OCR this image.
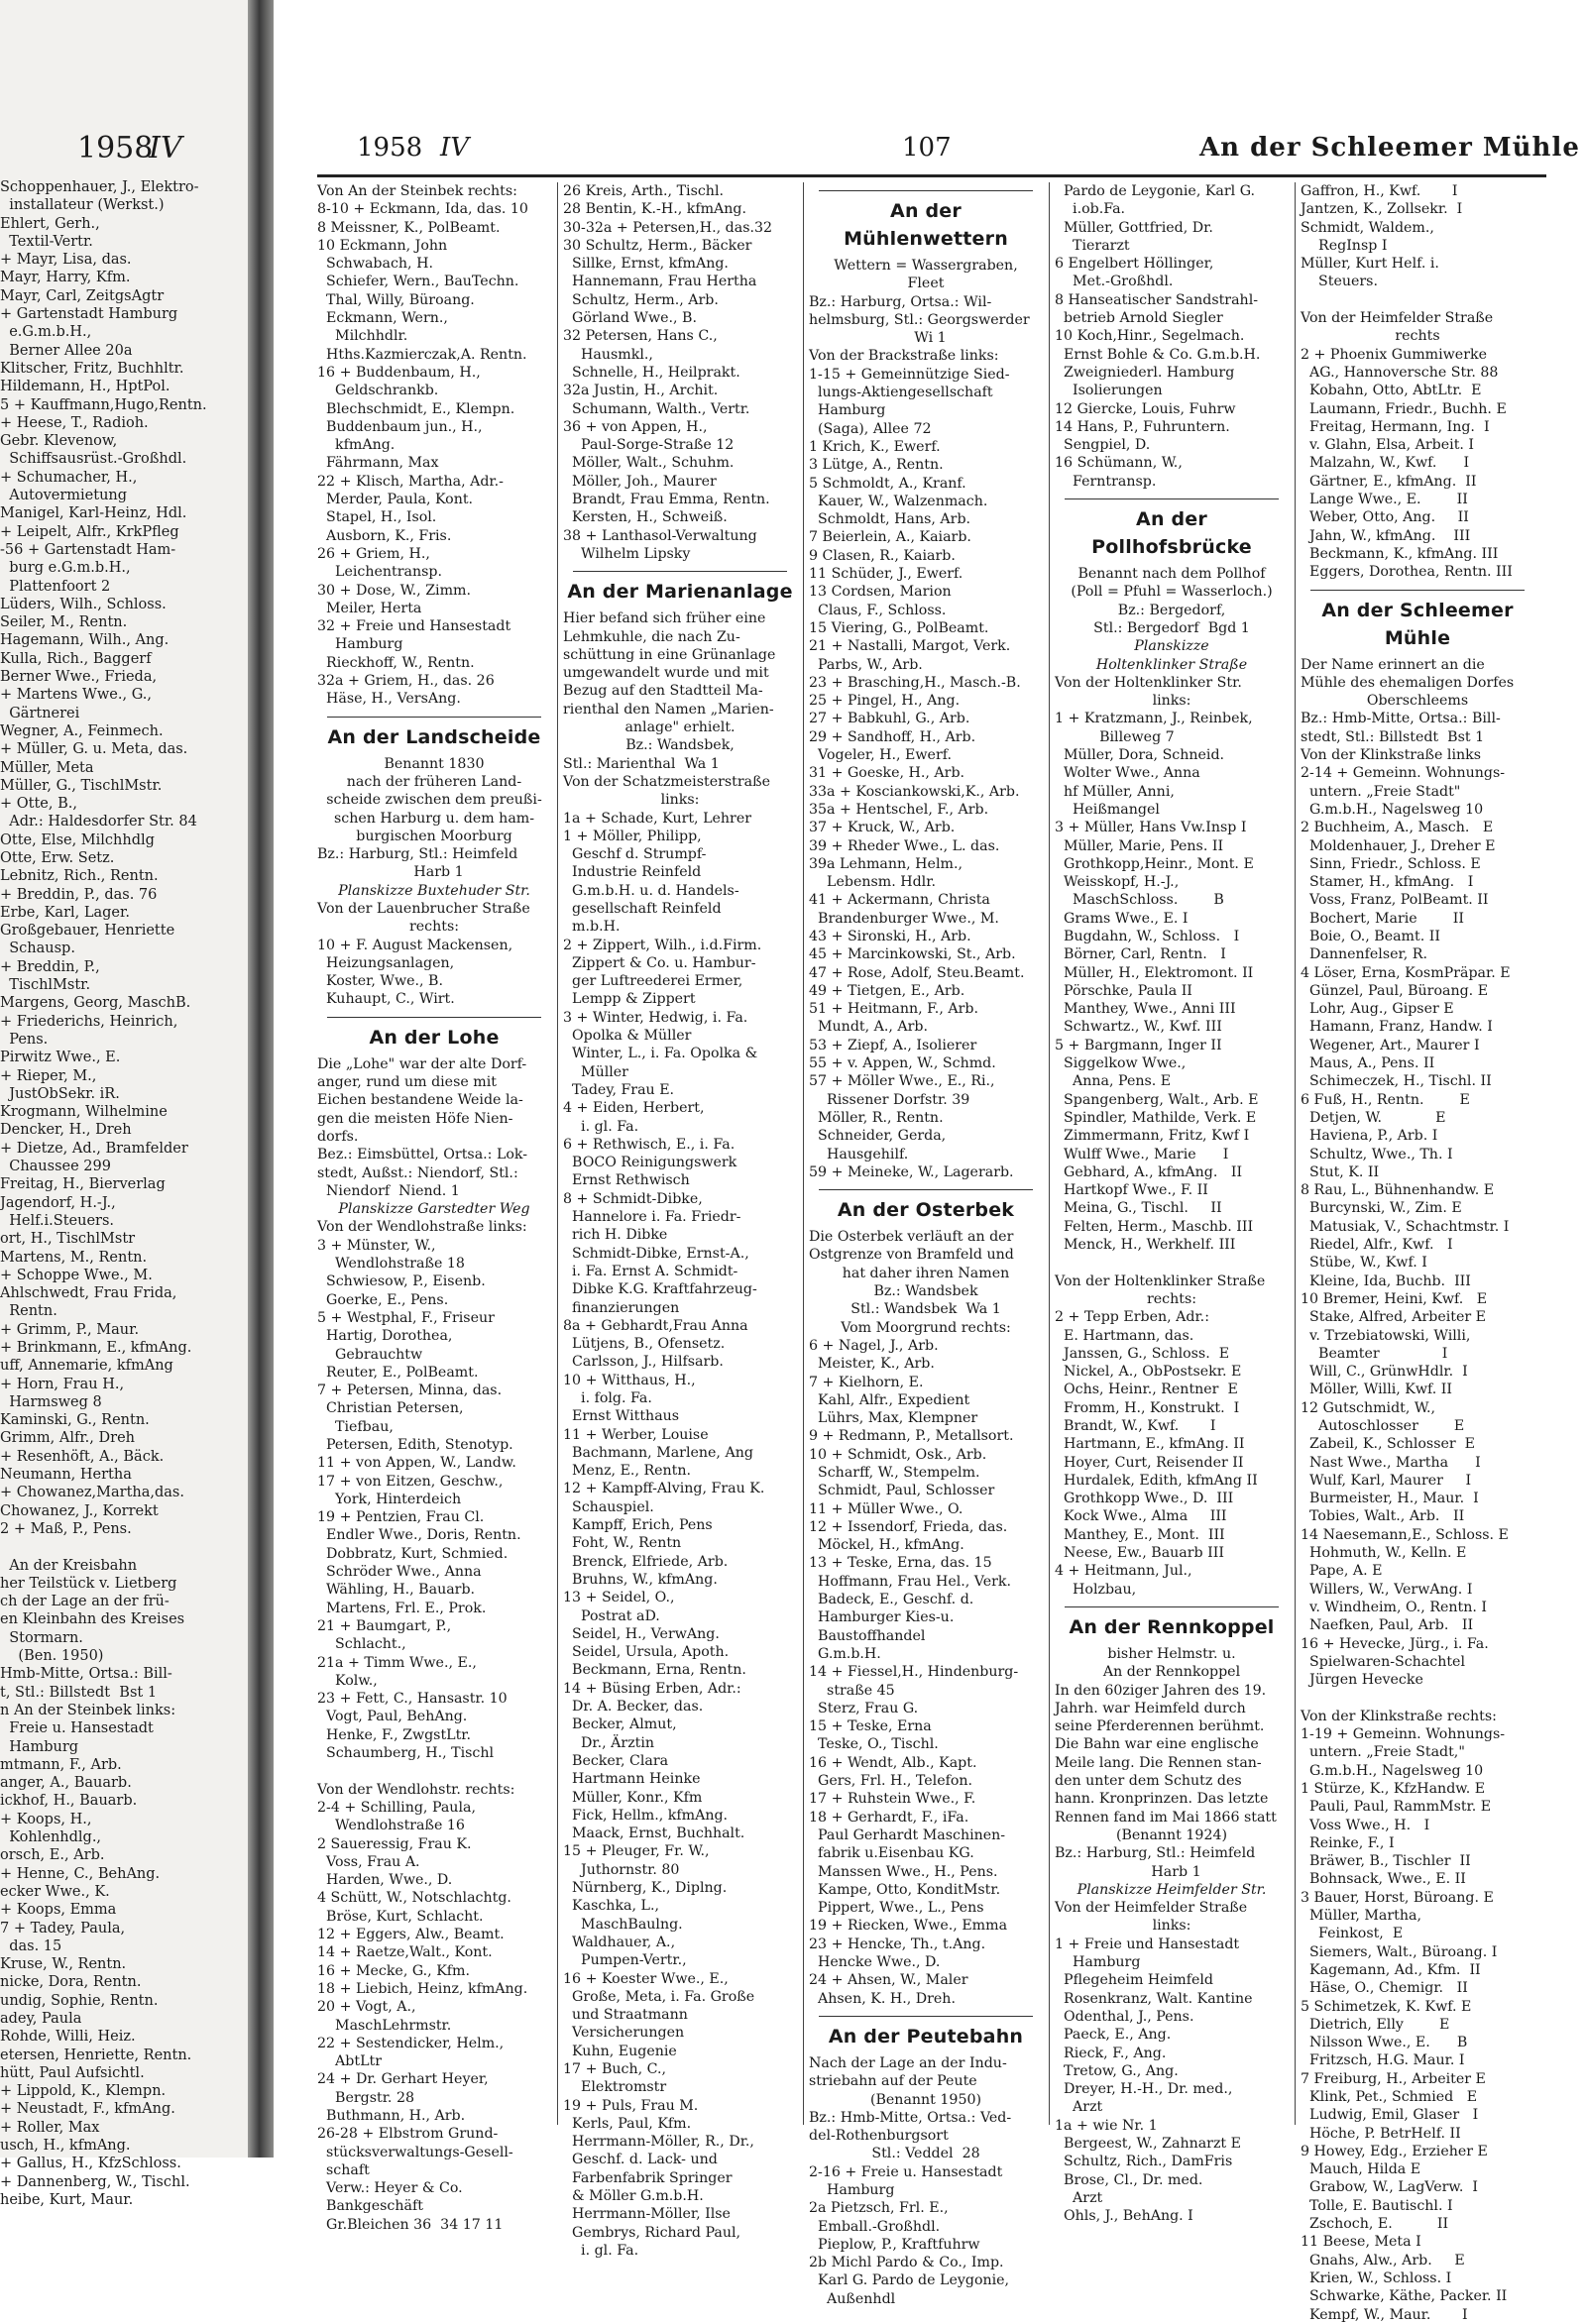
1958
IV
Schoppenhauer, J., Elektro-
installateur (Werkst.)
Ehlert, Gerh.,
Textil-Vertr.
+ Mayr, Lisa, das.
Mayr, Harry, Kfm.
Mayr, Carl, ZeitgsAgtr
+ Gartenstadt Hamburg
e.G.m.b.H.,
Berner Allee 20a
Klitscher, Fritz, Buchhltr.
Hildemann, H., HptPol.
5 + Kauffmann,Hugo,Rentn.
+ Heese, T., Radioh.
Gebr. Klevenow,
Schiffsausrüst.-Großhdl.
+ Schumacher, H.,
Autovermietung
Manigel, Karl-Heinz, Hdl.
+ Leipelt, Alfr., KrkPfleg
-56 + Gartenstadt Ham-
burg e.G.m.b.H.,
Plattenfoort 2
Lüders, Wilh., Schloss.
Seiler, M., Rentn.
Hagemann, Wilh., Ang.
Kulla, Rich., Baggerf
Berner Wwe., Frieda,
+ Martens Wwe., G.,
Gärtnerei
Wegner, A., Feinmech.
+ Müller, G. u. Meta, das.
Müller, Meta
Müller, G., TischlMstr.
+ Otte, B.,
Adr.: Haldesdorfer Str. 84
Otte, Else, Milchhdlg
Otte, Erw. Setz.
Lebnitz, Rich., Rentn.
+ Breddin, P., das. 76
Erbe, Karl, Lager.
Großgebauer, Henriette
Schausp.
+ Breddin, P.,
TischlMstr.
Margens, Georg, MaschB.
+ Friederichs, Heinrich,
Pens.
Pirwitz Wwe., E.
+ Rieper, M.,
JustObSekr. iR.
Krogmann, Wilhelmine
Dencker, H., Dreh
+ Dietze, Ad., Bramfelder
Chaussee 299
Freitag, H., Bierverlag
Jagendorf, H.-J.,
Helf.i.Steuers.
ort, H., TischlMstr
Martens, M., Rentn.
+ Schoppe Wwe., M.
Ahlschwedt, Frau Frida,
Rentn.
+ Grimm, P., Maur.
+ Brinkmann, E., kfmAng.
uff, Annemarie, kfmAng
+ Horn, Frau H.,
Harmsweg 8
Kaminski, G., Rentn.
Grimm, Alfr., Dreh
+ Resenhöft, A., Bäck.
Neumann, Hertha
+ Chowanez,Martha,das.
Chowanez, J., Korrekt
2 + Maß, P., Pens.

An der Kreisbahn
her Teilstück v. Lietberg
ch der Lage an der frü-
en Kleinbahn des Kreises
Stormarn.
(Ben. 1950)
Hmb-Mitte, Ortsa.: Bill-
t, Stl.: Billstedt  Bst 1
n An der Steinbek links:
Freie u. Hansestadt
Hamburg
mtmann, F., Arb.
anger, A., Bauarb.
ickhof, H., Bauarb.
+ Koops, H.,
Kohlenhdlg.,
orsch, E., Arb.
+ Henne, C., BehAng.
ecker Wwe., K.
+ Koops, Emma
7 + Tadey, Paula,
das. 15
Kruse, W., Rentn.
nicke, Dora, Rentn.
undig, Sophie, Rentn.
adey, Paula
Rohde, Willi, Heiz.
etersen, Henriette, Rentn.
hütt, Paul Aufsichtl.
+ Lippold, K., Klempn.
+ Neustadt, F., kfmAng.
+ Roller, Max
usch, H., kfmAng.
+ Gallus, H., KfzSchloss.
+ Dannenberg, W., Tischl.
heibe, Kurt, Maur.
1958 IV	107	An der Schleemer Mühle
Von An der Steinbek rechts:
8-10 + Eckmann, Ida, das. 10
8 Meissner, K., PolBeamt.
10 Eckmann, John
Schwabach, H.
Schiefer, Wern., BauTechn.
Thal, Willy, Büroang.
Eckmann, Wern.,
Milchhdlr.
Hths.Kazmierczak,A. Rentn.
16 + Buddenbaum, H.,
Geldschrankb.
Blechschmidt, E., Klempn.
Buddenbaum jun., H.,
kfmAng.
Fährmann, Max
22 + Klisch, Martha, Adr.-
Merder, Paula, Kont.
Stapel, H., Isol.
Ausborn, K., Fris.
26 + Griem, H.,
Leichentransp.
30 + Dose, W., Zimm.
Meiler, Herta
32 + Freie und Hansestadt
Hamburg
Rieckhoff, W., Rentn.
32a + Griem, H., das. 26
Häse, H., VersAng.
An der Landscheide
Benannt 1830
nach der früheren Land-
scheide zwischen dem preußi-
schen Harburg u. dem ham-
burgischen Moorburg
Bz.: Harburg, Stl.: Heimfeld
Harb 1
Planskizze Buxtehuder Str.
Von der Lauenbrucher Straße
rechts:
10 + F. August Mackensen,
Heizungsanlagen,
Koster, Wwe., B.
Kuhaupt, C., Wirt.
An der Lohe
Die „Lohe" war der alte Dorf-
anger, rund um diese mit
Eichen bestandene Weide la-
gen die meisten Höfe Nien-
dorfs.
Bez.: Eimsbüttel, Ortsa.: Lok-
stedt, Außst.: Niendorf, Stl.:
Niendorf  Niend. 1
Planskizze Garstedter Weg
Von der Wendlohstraße links:
3 + Münster, W.,
Wendlohstraße 18
Schwiesow, P., Eisenb.
Goerke, E., Pens.
5 + Westphal, F., Friseur
Hartig, Dorothea,
Gebrauchtw
Reuter, E., PolBeamt.
7 + Petersen, Minna, das.
Christian Petersen,
Tiefbau,
Petersen, Edith, Stenotyp.
11 + von Appen, W., Landw.
17 + von Eitzen, Geschw.,
York, Hinterdeich
19 + Pentzien, Frau Cl.
Endler Wwe., Doris, Rentn.
Dobbratz, Kurt, Schmied.
Schröder Wwe., Anna
Wähling, H., Bauarb.
Martens, Frl. E., Prok.
21 + Baumgart, P.,
Schlacht.,
21a + Timm Wwe., E.,
Kolw.,
23 + Fett, C., Hansastr. 10
Vogt, Paul, BehAng.
Henke, F., ZwgstLtr.
Schaumberg, H., Tischl

Von der Wendlohstr. rechts:
2-4 + Schilling, Paula,
Wendlohstraße 16
2 Saueressig, Frau K.
Voss, Frau A.
Harden, Wwe., D.
4 Schütt, W., Notschlachtg.
Bröse, Kurt, Schlacht.
12 + Eggers, Alw., Beamt.
14 + Raetze,Walt., Kont.
16 + Mecke, G., Kfm.
18 + Liebich, Heinz, kfmAng.
20 + Vogt, A.,
MaschLehrmstr.
22 + Sestendicker, Helm.,
AbtLtr
24 + Dr. Gerhart Heyer,
Bergstr. 28
Buthmann, H., Arb.
26-28 + Elbstrom Grund-
stücksverwaltungs-Gesell-
schaft
Verw.: Heyer & Co.
Bankgeschäft
Gr.Bleichen 36  34 17 11
26 Kreis, Arth., Tischl.
28 Bentin, K.-H., kfmAng.
30-32a + Petersen,H., das.32
30 Schultz, Herm., Bäcker
Sillke, Ernst, kfmAng.
Hannemann, Frau Hertha
Schultz, Herm., Arb.
Görland Wwe., B.
32 Petersen, Hans C.,
Hausmkl.,
Schnelle, H., Heilprakt.
32a Justin, H., Archit.
Schumann, Walth., Vertr.
36 + von Appen, H.,
Paul-Sorge-Straße 12
Möller, Walt., Schuhm.
Möller, Joh., Maurer
Brandt, Frau Emma, Rentn.
Kersten, H., Schweiß.
38 + Lanthasol-Verwaltung
Wilhelm Lipsky
An der Marienanlage
Hier befand sich früher eine
Lehmkuhle, die nach Zu-
schüttung in eine Grünanlage
umgewandelt wurde und mit
Bezug auf den Stadtteil Ma-
rienthal den Namen „Marien-
anlage" erhielt.
Bz.: Wandsbek,
Stl.: Marienthal  Wa 1
Von der Schatzmeisterstraße
links:
1a + Schade, Kurt, Lehrer
1 + Möller, Philipp,
Geschf d. Strumpf-
Industrie Reinfeld
G.m.b.H. u. d. Handels-
gesellschaft Reinfeld
m.b.H.
2 + Zippert, Wilh., i.d.Firm.
Zippert & Co. u. Hambur-
ger Luftreederei Ermer,
Lempp & Zippert
3 + Winter, Hedwig, i. Fa.
Opolka & Müller
Winter, L., i. Fa. Opolka &
Müller
Tadey, Frau E.
4 + Eiden, Herbert,
i. gl. Fa.
6 + Rethwisch, E., i. Fa.
BOCO Reinigungswerk
Ernst Rethwisch
8 + Schmidt-Dibke,
Hannelore i. Fa. Friedr-
rich H. Dibke
Schmidt-Dibke, Ernst-A.,
i. Fa. Ernst A. Schmidt-
Dibke K.G. Kraftfahrzeug-
finanzierungen
8a + Gebhardt,Frau Anna
Lütjens, B., Ofensetz.
Carlsson, J., Hilfsarb.
10 + Witthaus, H.,
i. folg. Fa.
Ernst Witthaus
11 + Werber, Louise
Bachmann, Marlene, Ang
Menz, E., Rentn.
12 + Kampff-Alving, Frau K.
Schauspiel.
Kampff, Erich, Pens
Foht, W., Rentn
Brenck, Elfriede, Arb.
Bruhns, W., kfmAng.
13 + Seidel, O.,
Postrat aD.
Seidel, H., VerwAng.
Seidel, Ursula, Apoth.
Beckmann, Erna, Rentn.
14 + Büsing Erben, Adr.:
Dr. A. Becker, das.
Becker, Almut,
Dr., Ärztin
Becker, Clara
Hartmann Heinke
Müller, Konr., Kfm
Fick, Hellm., kfmAng.
Maack, Ernst, Buchhalt.
15 + Pleuger, Fr. W.,
Juthornstr. 80
Nürnberg, K., Diplng.
Kaschka, L.,
MaschBaulng.
Waldhauer, A.,
Pumpen-Vertr.,
16 + Koester Wwe., E.,
Große, Meta, i. Fa. Große
und Straatmann
Versicherungen
Kuhn, Eugenie
17 + Buch, C.,
Elektromstr
19 + Puls, Frau M.
Kerls, Paul, Kfm.
Herrmann-Möller, R., Dr.,
Geschf. d. Lack- und
Farbenfabrik Springer
& Möller G.m.b.H.
Herrmann-Möller, Ilse
Gembrys, Richard Paul,
i. gl. Fa.
An der Mühlenwettern
Wettern = Wassergraben,
Fleet
Bz.: Harburg, Ortsa.: Wil-
helmsburg, Stl.: Georgswerder
Wi 1
Von der Brackstraße links:
1-15 + Gemeinnützige Sied-
lungs-Aktiengesellschaft
Hamburg
(Saga), Allee 72
1 Krich, K., Ewerf.
3 Lütge, A., Rentn.
5 Schmoldt, A., Kranf.
Kauer, W., Walzenmach.
Schmoldt, Hans, Arb.
7 Beierlein, A., Kaiarb.
9 Clasen, R., Kaiarb.
11 Schüder, J., Ewerf.
13 Cordsen, Marion
Claus, F., Schloss.
15 Viering, G., PolBeamt.
21 + Nastalli, Margot, Verk.
Parbs, W., Arb.
23 + Brasching,H., Masch.-B.
25 + Pingel, H., Ang.
27 + Babkuhl, G., Arb.
29 + Sandhoff, H., Arb.
Vogeler, H., Ewerf.
31 + Goeske, H., Arb.
33a + Kosciankowski,K., Arb.
35a + Hentschel, F., Arb.
37 + Kruck, W., Arb.
39 + Rheder Wwe., L. das.
39a Lehmann, Helm.,
Lebensm. Hdlr.
41 + Ackermann, Christa
Brandenburger Wwe., M.
43 + Sironski, H., Arb.
45 + Marcinkowski, St., Arb.
47 + Rose, Adolf, Steu.Beamt.
49 + Tietgen, E., Arb.
51 + Heitmann, F., Arb.
Mundt, A., Arb.
53 + Ziepf, A., Isolierer
55 + v. Appen, W., Schmd.
57 + Möller Wwe., E., Ri.,
Rissener Dorfstr. 39
Möller, R., Rentn.
Schneider, Gerda,
Hausgehilf.
59 + Meineke, W., Lagerarb.
An der Osterbek
Die Osterbek verläuft an der
Ostgrenze von Bramfeld und
hat daher ihren Namen
Bz.: Wandsbek
Stl.: Wandsbek  Wa 1
Vom Moorgrund rechts:
6 + Nagel, J., Arb.
Meister, K., Arb.
7 + Kielhorn, E.
Kahl, Alfr., Expedient
Lührs, Max, Klempner
9 + Redmann, P., Metallsort.
10 + Schmidt, Osk., Arb.
Scharff, W., Stempelm.
Schmidt, Paul, Schlosser
11 + Müller Wwe., O.
12 + Issendorf, Frieda, das.
Möckel, H., kfmAng.
13 + Teske, Erna, das. 15
Hoffmann, Frau Hel., Verk.
Badeck, E., Geschf. d.
Hamburger Kies-u.
Baustoffhandel
G.m.b.H.
14 + Fiessel,H., Hindenburg-
straße 45
Sterz, Frau G.
15 + Teske, Erna
Teske, O., Tischl.
16 + Wendt, Alb., Kapt.
Gers, Frl. H., Telefon.
17 + Ruhstein Wwe., F.
18 + Gerhardt, F., iFa.
Paul Gerhardt Maschinen-
fabrik u.Eisenbau KG.
Manssen Wwe., H., Pens.
Kampe, Otto, KonditMstr.
Pippert, Wwe., L., Pens
19 + Riecken, Wwe., Emma
23 + Hencke, Th., t.Ang.
Hencke Wwe., D.
24 + Ahsen, W., Maler
Ahsen, K. H., Dreh.
An der Peutebahn
Nach der Lage an der Indu-
striebahn auf der Peute
(Benannt 1950)
Bz.: Hmb-Mitte, Ortsa.: Ved-
del-Rothenburgsort
Stl.: Veddel  28
2-16 + Freie u. Hansestadt
Hamburg
2a Pietzsch, Frl. E.,
Emball.-Großhdl.
Pieplow, P., Kraftfuhrw
2b Michl Pardo & Co., Imp.
Karl G. Pardo de Leygonie,
Außenhdl
Pardo de Leygonie, Karl G.
i.ob.Fa.
Müller, Gottfried, Dr.
Tierarzt
6 Engelbert Höllinger,
Met.-Großhdl.
8 Hanseatischer Sandstrahl-
betrieb Arnold Siegler
10 Koch,Hinr., Segelmach.
Ernst Bohle & Co. G.m.b.H.
Zweigniederl. Hamburg
Isolierungen
12 Giercke, Louis, Fuhrw
14 Hans, P., Fuhruntern.
Sengpiel, D.
16 Schümann, W.,
Ferntransp.
An der Pollhofsbrücke
Benannt nach dem Pollhof
(Poll = Pfuhl = Wasserloch.)
Bz.: Bergedorf,
Stl.: Bergedorf  Bgd 1
Planskizze
Holtenklinker Straße
Von der Holtenklinker Str.
links:
1 + Kratzmann, J., Reinbek,
Billeweg 7
Müller, Dora, Schneid.
Wolter Wwe., Anna
hf Müller, Anni,
Heißmangel
3 + Müller, Hans Vw.Insp I
Müller, Marie, Pens. II
Grothkopp,Heinr., Mont. E
Weisskopf, H.-J.,
MaschSchloss.        B
Grams Wwe., E. I
Bugdahn, W., Schloss.   I
Börner, Carl, Rentn.   I
Müller, H., Elektromont. II
Pörschke, Paula II
Manthey, Wwe., Anni III
Schwartz., W., Kwf. III
5 + Bargmann, Inger II
Siggelkow Wwe.,
Anna, Pens. E
Spangenberg, Walt., Arb. E
Spindler, Mathilde, Verk. E
Zimmermann, Fritz, Kwf I
Wulff Wwe., Marie      I
Gebhard, A., kfmAng.   II
Hartkopf Wwe., F. II
Meina, G., Tischl.     II
Felten, Herm., Maschb. III
Menck, H., Werkhelf. III

Von der Holtenklinker Straße
rechts:
2 + Tepp Erben, Adr.:
E. Hartmann, das.
Janssen, G., Schloss.  E
Nickel, A., ObPostsekr. E
Ochs, Heinr., Rentner  E
Fromm, H., Konstrukt.  I
Brandt, W., Kwf.       I
Hartmann, E., kfmAng. II
Hoyer, Curt, Reisender II
Hurdalek, Edith, kfmAng II
Grothkopp Wwe., D.  III
Kock Wwe., Alma     III
Manthey, E., Mont.  III
Neese, Ew., Bauarb III
4 + Heitmann, Jul.,
Holzbau,
An der Rennkoppel
bisher Helmstr. u.
An der Rennkoppel
In den 60ziger Jahren des 19.
Jahrh. war Heimfeld durch
seine Pferderennen berühmt.
Die Bahn war eine englische
Meile lang. Die Rennen stan-
den unter dem Schutz des
hann. Kronprinzen. Das letzte
Rennen fand im Mai 1866 statt
(Benannt 1924)
Bz.: Harburg, Stl.: Heimfeld
Harb 1
Planskizze Heimfelder Str.
Von der Heimfelder Straße
links:
1 + Freie und Hansestadt
Hamburg
Pflegeheim Heimfeld
Rosenkranz, Walt. Kantine
Odenthal, J., Pens.
Paeck, E., Ang.
Rieck, F., Ang.
Tretow, G., Ang.
Dreyer, H.-H., Dr. med.,
Arzt
1a + wie Nr. 1
Bergeest, W., Zahnarzt E
Schultz, Rich., DamFris
Brose, Cl., Dr. med.
Arzt
Ohls, J., BehAng. I
Gaffron, H., Kwf.       I
Jantzen, K., Zollsekr.  I
Schmidt, Waldem.,
RegInsp I
Müller, Kurt Helf. i.
Steuers.

Von der Heimfelder Straße
rechts
2 + Phoenix Gummiwerke
AG., Hannoversche Str. 88
Kobahn, Otto, AbtLtr.  E
Laumann, Friedr., Buchh. E
Freitag, Hermann, Ing.  I
v. Glahn, Elsa, Arbeit. I
Malzahn, W., Kwf.      I
Gärtner, E., kfmAng.  II
Lange Wwe., E.        II
Weber, Otto, Ang.     II
Jahn, W., kfmAng.    III
Beckmann, K., kfmAng. III
Eggers, Dorothea, Rentn. III
An der Schleemer Mühle
Der Name erinnert an die
Mühle des ehemaligen Dorfes
Oberschleems
Bz.: Hmb-Mitte, Ortsa.: Bill-
stedt, Stl.: Billstedt  Bst 1
Von der Klinkstraße links
2-14 + Gemeinn. Wohnungs-
untern. „Freie Stadt"
G.m.b.H., Nagelsweg 10
2 Buchheim, A., Masch.   E
Moldenhauer, J., Dreher E
Sinn, Friedr., Schloss. E
Stamer, H., kfmAng.   I
Voss, Franz, PolBeamt. II
Bochert, Marie        II
Boie, O., Beamt. II
Dannenfelser, R.
4 Löser, Erna, KosmPräpar. E
Günzel, Paul, Büroang. E
Lohr, Aug., Gipser E
Hamann, Franz, Handw. I
Wegener, Art., Maurer I
Maus, A., Pens. II
Schimeczek, H., Tischl. II
6 Fuß, H., Rentn.        E
Detjen, W.            E
Haviena, P., Arb. I
Schultz, Wwe., Th. I
Stut, K. II
8 Rau, L., Bühnenhandw. E
Burcynski, W., Zim. E
Matusiak, V., Schachtmstr. I
Riedel, Alfr., Kwf.   I
Stübe, W., Kwf. I
Kleine, Ida, Buchb.  III
10 Bremer, Heini, Kwf.   E
Stake, Alfred, Arbeiter E
v. Trzebiatowski, Willi,
Beamter              I
Will, C., GrünwHdlr.  I
Möller, Willi, Kwf. II
12 Gutschmidt, W.,
Autoschlosser        E
Zabeil, K., Schlosser  E
Nast Wwe., Martha      I
Wulf, Karl, Maurer     I
Burmeister, H., Maur.  I
Tobies, Walt., Arb.   II
14 Naesemann,E., Schloss. E
Hohmuth, W., Kelln. E
Pape, A. E
Willers, W., VerwAng. I
v. Windheim, O., Rentn. I
Naefken, Paul, Arb.   II
16 + Hevecke, Jürg., i. Fa.
Spielwaren-Schachtel
Jürgen Hevecke

Von der Klinkstraße rechts:
1-19 + Gemeinn. Wohnungs-
untern. „Freie Stadt,"
G.m.b.H., Nagelsweg 10
1 Stürze, K., KfzHandw. E
Pauli, Paul, RammMstr. E
Voss Wwe., H.   I
Reinke, F., I
Bräwer, B., Tischler  II
Bohnsack, Wwe., E. II
3 Bauer, Horst, Büroang. E
Müller, Martha,
Feinkost,  E
Siemers, Walt., Büroang. I
Kagemann, Ad., Kfm.  II
Häse, O., Chemigr.   II
5 Schimetzek, K. Kwf. E
Dietrich, Elly        E
Nilsson Wwe., E.      B
Fritzsch, H.G. Maur. I
7 Freiburg, H., Arbeiter E
Klink, Pet., Schmied   E
Ludwig, Emil, Glaser   I
Höche, P. BetrHelf. II
9 Howey, Edg., Erzieher E
Mauch, Hilda E
Grabow, W., LagVerw.  I
Tolle, E. Bautischl. I
Zschoch, E.          II
11 Beese, Meta I
Gnahs, Alw., Arb.     E
Krien, W., Schloss. I
Schwarke, Käthe, Packer. II
Kempf, W., Maur.       I
